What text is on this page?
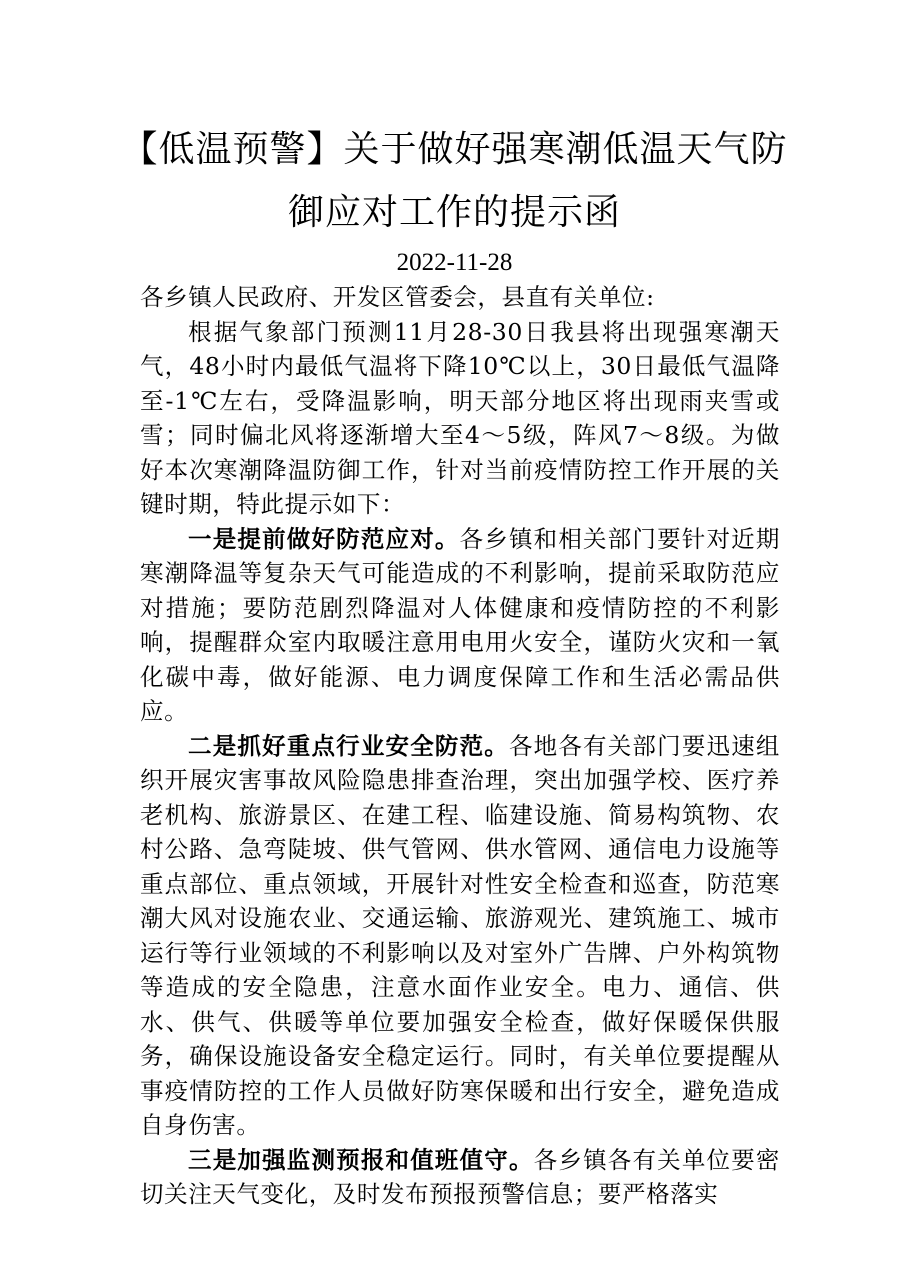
【低温预警】关于做好强寒潮低温天气防
御应对工作的提示函
2022-11-28

各乡镇人民政府、开发区管委会，县直有关单位:

根据气象部门预测11月28-30日我县将出现强寒潮天气，48小时内最低气温将下降10℃以上，30日最低气温降至-1℃左右，受降温影响，明天部分地区将出现雨夹雪或雪；同时偏北风将逐渐增大至4～5级，阵风7～8级。为做好本次寒潮降温防御工作，针对当前疫情防控工作开展的关键时期，特此提示如下：

一是提前做好防范应对。各乡镇和相关部门要针对近期寒潮降温等复杂天气可能造成的不利影响，提前采取防范应对措施；要防范剧烈降温对人体健康和疫情防控的不利影响，提醒群众室内取暖注意用电用火安全，谨防火灾和一氧化碳中毒，做好能源、电力调度保障工作和生活必需品供应。

二是抓好重点行业安全防范。各地各有关部门要迅速组织开展灾害事故风险隐患排查治理，突出加强学校、医疗养老机构、旅游景区、在建工程、临建设施、简易构筑物、农村公路、急弯陡坡、供气管网、供水管网、通信电力设施等重点部位、重点领域，开展针对性安全检查和巡查，防范寒潮大风对设施农业、交通运输、旅游观光、建筑施工、城市运行等行业领域的不利影响以及对室外广告牌、户外构筑物等造成的安全隐患，注意水面作业安全。电力、通信、供水、供气、供暖等单位要加强安全检查，做好保暖保供服务，确保设施设备安全稳定运行。同时，有关单位要提醒从事疫情防控的工作人员做好防寒保暖和出行安全，避免造成自身伤害。

三是加强监测预报和值班值守。各乡镇各有关单位要密切关注天气变化，及时发布预报预警信息；要严格落实
